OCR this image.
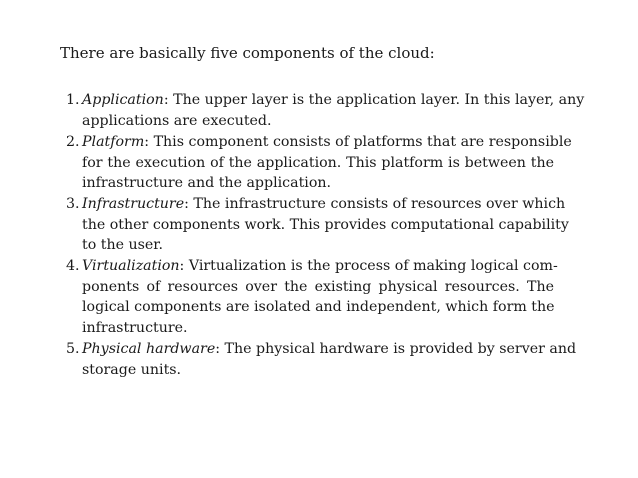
There are basically five components of the cloud:
1. Application: The upper layer is the application layer. In this layer, any
applications are executed.
2. Platform: This component consists of platforms that are responsible
for the execution of the application. This platform is between the
infrastructure and the application.
3. Infrastructure: The infrastructure consists of resources over which
the other components work. This provides computational capability
to the user.
4. Virtualization: Virtualization is the process of making logical com-
ponents of resources over the existing physical resources. The
logical components are isolated and independent, which form the
infrastructure.
5. Physical hardware: The physical hardware is provided by server and
storage units.
